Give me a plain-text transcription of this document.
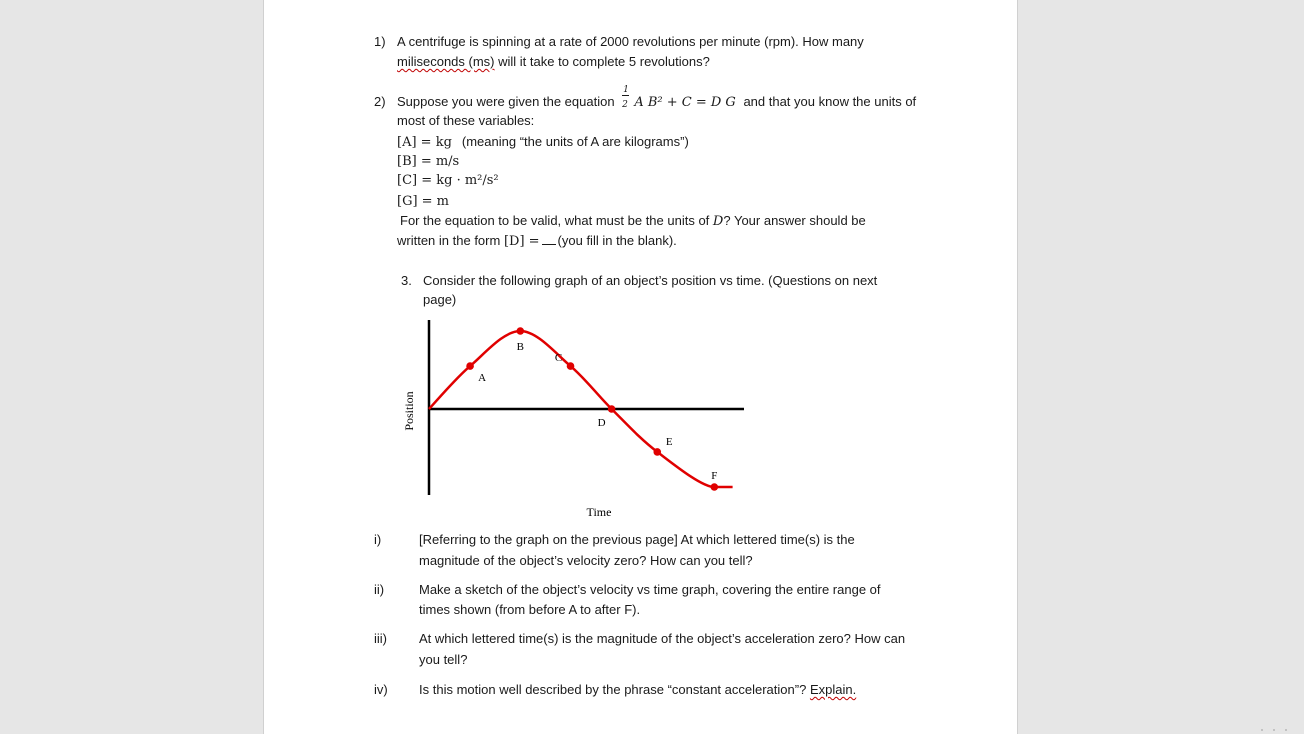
1) A centrifuge is spinning at a rate of 2000 revolutions per minute (rpm). How many
miliseconds (ms) will it take to complete 5 revolutions?
2) Suppose you were given the equation $\frac{1}{2}$ A B² + C = D G and that you know the units of
most of these variables:
[A] = kg (meaning “the units of A are kilograms”)
[B] = m/s
[C] = kg · m²/s²
[G] = m
For the equation to be valid, what must be the units of D? Your answer should be
written in the form [D] = (you fill in the blank).
3. Consider the following graph of an object’s position vs time. (Questions on next
page)
A
B
C
D
E
F
Position
Time
i)	[Referring to the graph on the previous page] At which lettered time(s) is the
magnitude of the object’s velocity zero? How can you tell?
ii)	Make a sketch of the object’s velocity vs time graph, covering the entire range of
times shown (from before A to after F).
iii) At which lettered time(s) is the magnitude of the object’s acceleration zero? How can
you tell?
iv) Is this motion well described by the phrase “constant acceleration”? Explain.
